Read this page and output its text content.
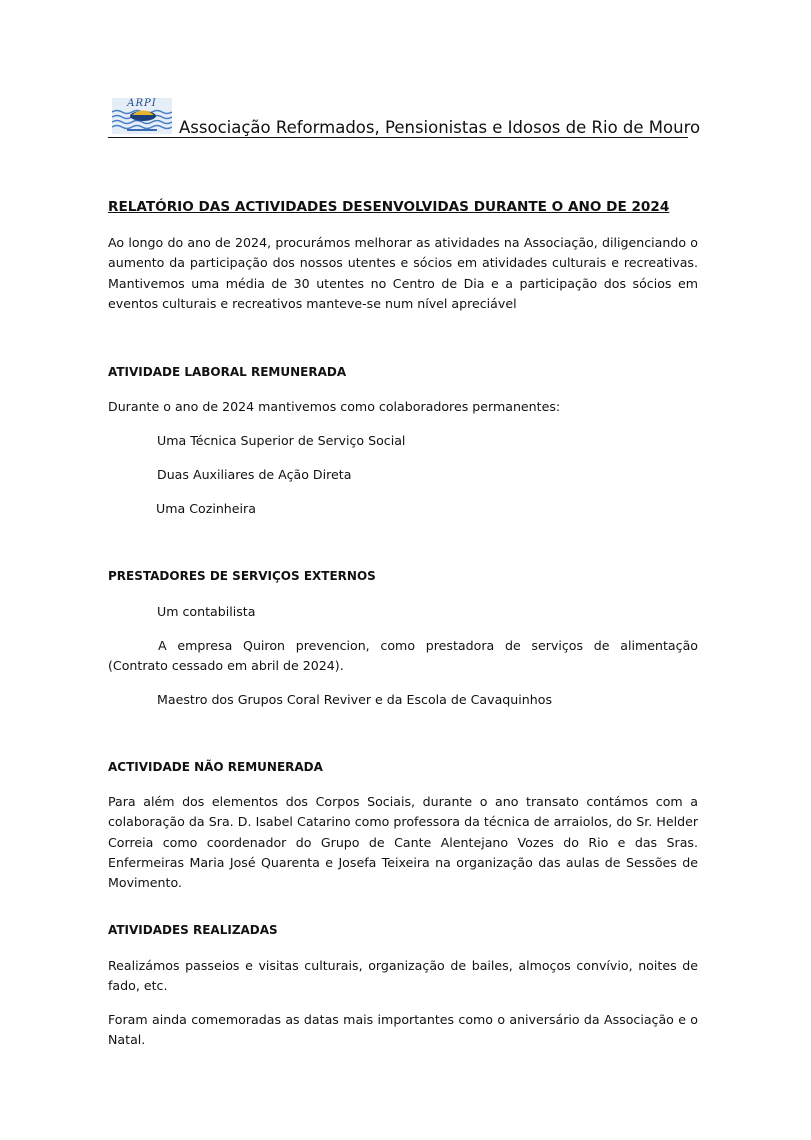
ARPI
Associação Reformados, Pensionistas e Idosos de Rio de Mouro
RELATÓRIO DAS ACTIVIDADES DESENVOLVIDAS DURANTE O ANO DE 2024
Ao longo do ano de 2024, procurámos melhorar as atividades na Associação, diligenciando o aumento da participação dos nossos utentes e sócios em atividades culturais e recreativas. Mantivemos uma média de 30 utentes no Centro de Dia e a participação dos sócios em eventos culturais e recreativos manteve-se num nível apreciável
ATIVIDADE LABORAL REMUNERADA
Durante o ano de 2024 mantivemos como colaboradores permanentes:
Uma Técnica Superior de Serviço Social
Duas Auxiliares de Ação Direta
Uma Cozinheira
PRESTADORES DE SERVIÇOS EXTERNOS
Um contabilista
A empresa Quiron prevencion, como prestadora de serviços de alimentação (Contrato cessado em abril de 2024).
Maestro dos Grupos Coral Reviver e da Escola de Cavaquinhos
ACTIVIDADE NÃO REMUNERADA
Para além dos elementos dos Corpos Sociais, durante o ano transato contámos com a colaboração da Sra. D. Isabel Catarino como professora da técnica de arraiolos, do Sr. Helder Correia como coordenador do Grupo de Cante Alentejano Vozes do Rio e das Sras. Enfermeiras Maria José Quarenta e Josefa Teixeira na organização das aulas de Sessões de Movimento.
ATIVIDADES REALIZADAS
Realizámos passeios e visitas culturais, organização de bailes, almoços convívio, noites de fado, etc.
Foram ainda comemoradas as datas mais importantes como o aniversário da Associação e o Natal.
